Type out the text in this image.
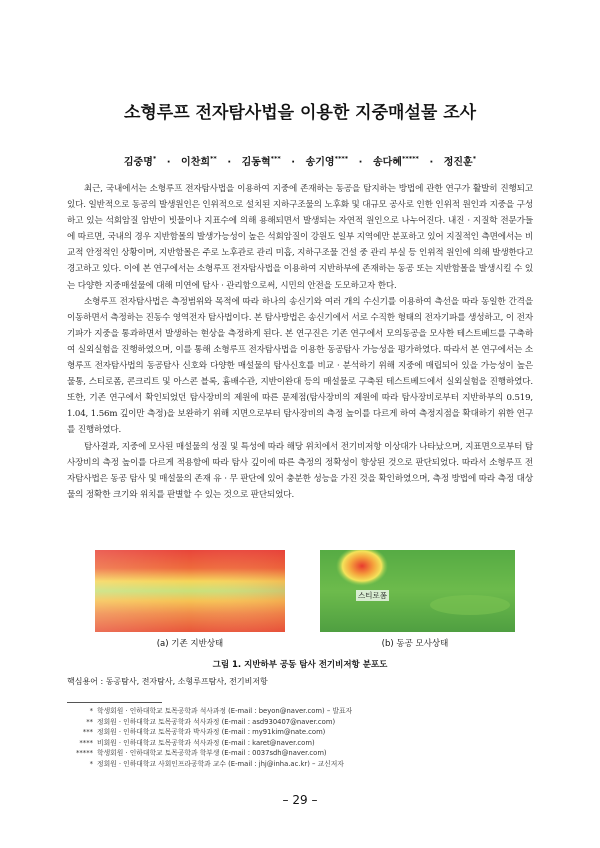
소형루프 전자탐사법을 이용한 지중매설물 조사
김중명* · 이찬희** · 김동혁*** · 송기영**** · 송다혜***** · 정진훈*

최근, 국내에서는 소형루프 전자탐사법을 이용하여 지중에 존재하는 동공을 탐지하는 방법에 관한 연구가 활발히 진행되고 있다. 일반적으로 동공의 발생원인은 인위적으로 설치된 지하구조물의 노후화 및 대규모 공사로 인한 인위적 원인과 지중을 구성하고 있는 석회암질 암반이 빗물이나 지표수에 의해 용해되면서 발생되는 자연적 원인으로 나누어진다. 내진 · 지질학 전문가들에 따르면, 국내의 경우 지반함몰의 발생가능성이 높은 석회암질이 강원도 일부 지역에만 분포하고 있어 지질적인 측면에서는 비교적 안정적인 상황이며, 지반함몰은 주로 노후관로 관리 미흡, 지하구조물 건설 중 관리 부실 등 인위적 원인에 의해 발생한다고 경고하고 있다. 이에 본 연구에서는 소형루프 전자탐사법을 이용하여 지반하부에 존재하는 동공 또는 지반함몰을 발생시킬 수 있는 다양한 지중매설물에 대해 미연에 탐사 · 관리함으로써, 시민의 안전을 도모하고자 한다.

소형루프 전자탐사법은 측정범위와 목적에 따라 하나의 송신기와 여러 개의 수신기를 이용하여 측선을 따라 동일한 간격을 이동하면서 측정하는 진동수 영역전자 탐사법이다. 본 탐사방법은 송신기에서 서로 수직한 형태의 전자기파를 생성하고, 이 전자기파가 지중을 통과하면서 발생하는 현상을 측정하게 된다. 본 연구진은 기존 연구에서 모의동공을 모사한 테스트베드를 구축하여 실외실험을 진행하였으며, 이를 통해 소형루프 전자탐사법을 이용한 동공탐사 가능성을 평가하였다. 따라서 본 연구에서는 소형루프 전자탐사법의 동공탐사 신호와 다양한 매설물의 탐사신호를 비교 · 분석하기 위해 지중에 매립되어 있을 가능성이 높은 물통, 스티로폼, 콘크리트 및 아스콘 블록, 흄배수관, 지반이완대 등의 매설물로 구축된 테스트베드에서 실외실험을 진행하였다. 또한, 기존 연구에서 확인되었던 탐사장비의 제원에 따른 문제점(탐사장비의 제원에 따라 탐사장비로부터 지반하부의 0.519, 1.04, 1.56m 깊이만 측정)을 보완하기 위해 지면으로부터 탐사장비의 측정 높이를 다르게 하여 측정지점을 확대하기 위한 연구를 진행하였다.

탐사결과, 지중에 모사된 매설물의 성질 및 특성에 따라 해당 위치에서 전기비저항 이상대가 나타났으며, 지표면으로부터 탐사장비의 측정 높이를 다르게 적용함에 따라 탐사 깊이에 따른 측정의 정확성이 향상된 것으로 판단되었다. 따라서 소형루프 전자탐사법은 동공 탐사 및 매설물의 존재 유 · 무 판단에 있어 충분한 성능을 가진 것을 확인하였으며, 측정 방법에 따라 측정 대상물의 정확한 크기와 위치를 판별할 수 있는 것으로 판단되었다.

스티로폼
(a) 기존 지반상태	(b) 동공 모사상태
그림 1. 지반하부 공동 탐사 전기비저항 분포도
핵심용어 : 동공탐사, 전자탐사, 소형루프탐사, 전기비저항
* 학생회원 · 인하대학교 토목공학과 석사과정 (E-mail : beyon@naver.com) – 발표자
** 정회원 · 인하대학교 토목공학과 석사과정 (E-mail : asd930407@naver.com)
*** 정회원 · 인하대학교 토목공학과 박사과정 (E-mail : my91kim@nate.com)
**** 비회원 · 인하대학교 토목공학과 석사과정 (E-mail : karet@naver.com)
***** 학생회원 · 인하대학교 토목공학과 학부생 (E-mail : 0037sdh@naver.com)
* 정회원 · 인하대학교 사회인프라공학과 교수 (E-mail : jhj@inha.ac.kr) – 교신저자
– 29 –
